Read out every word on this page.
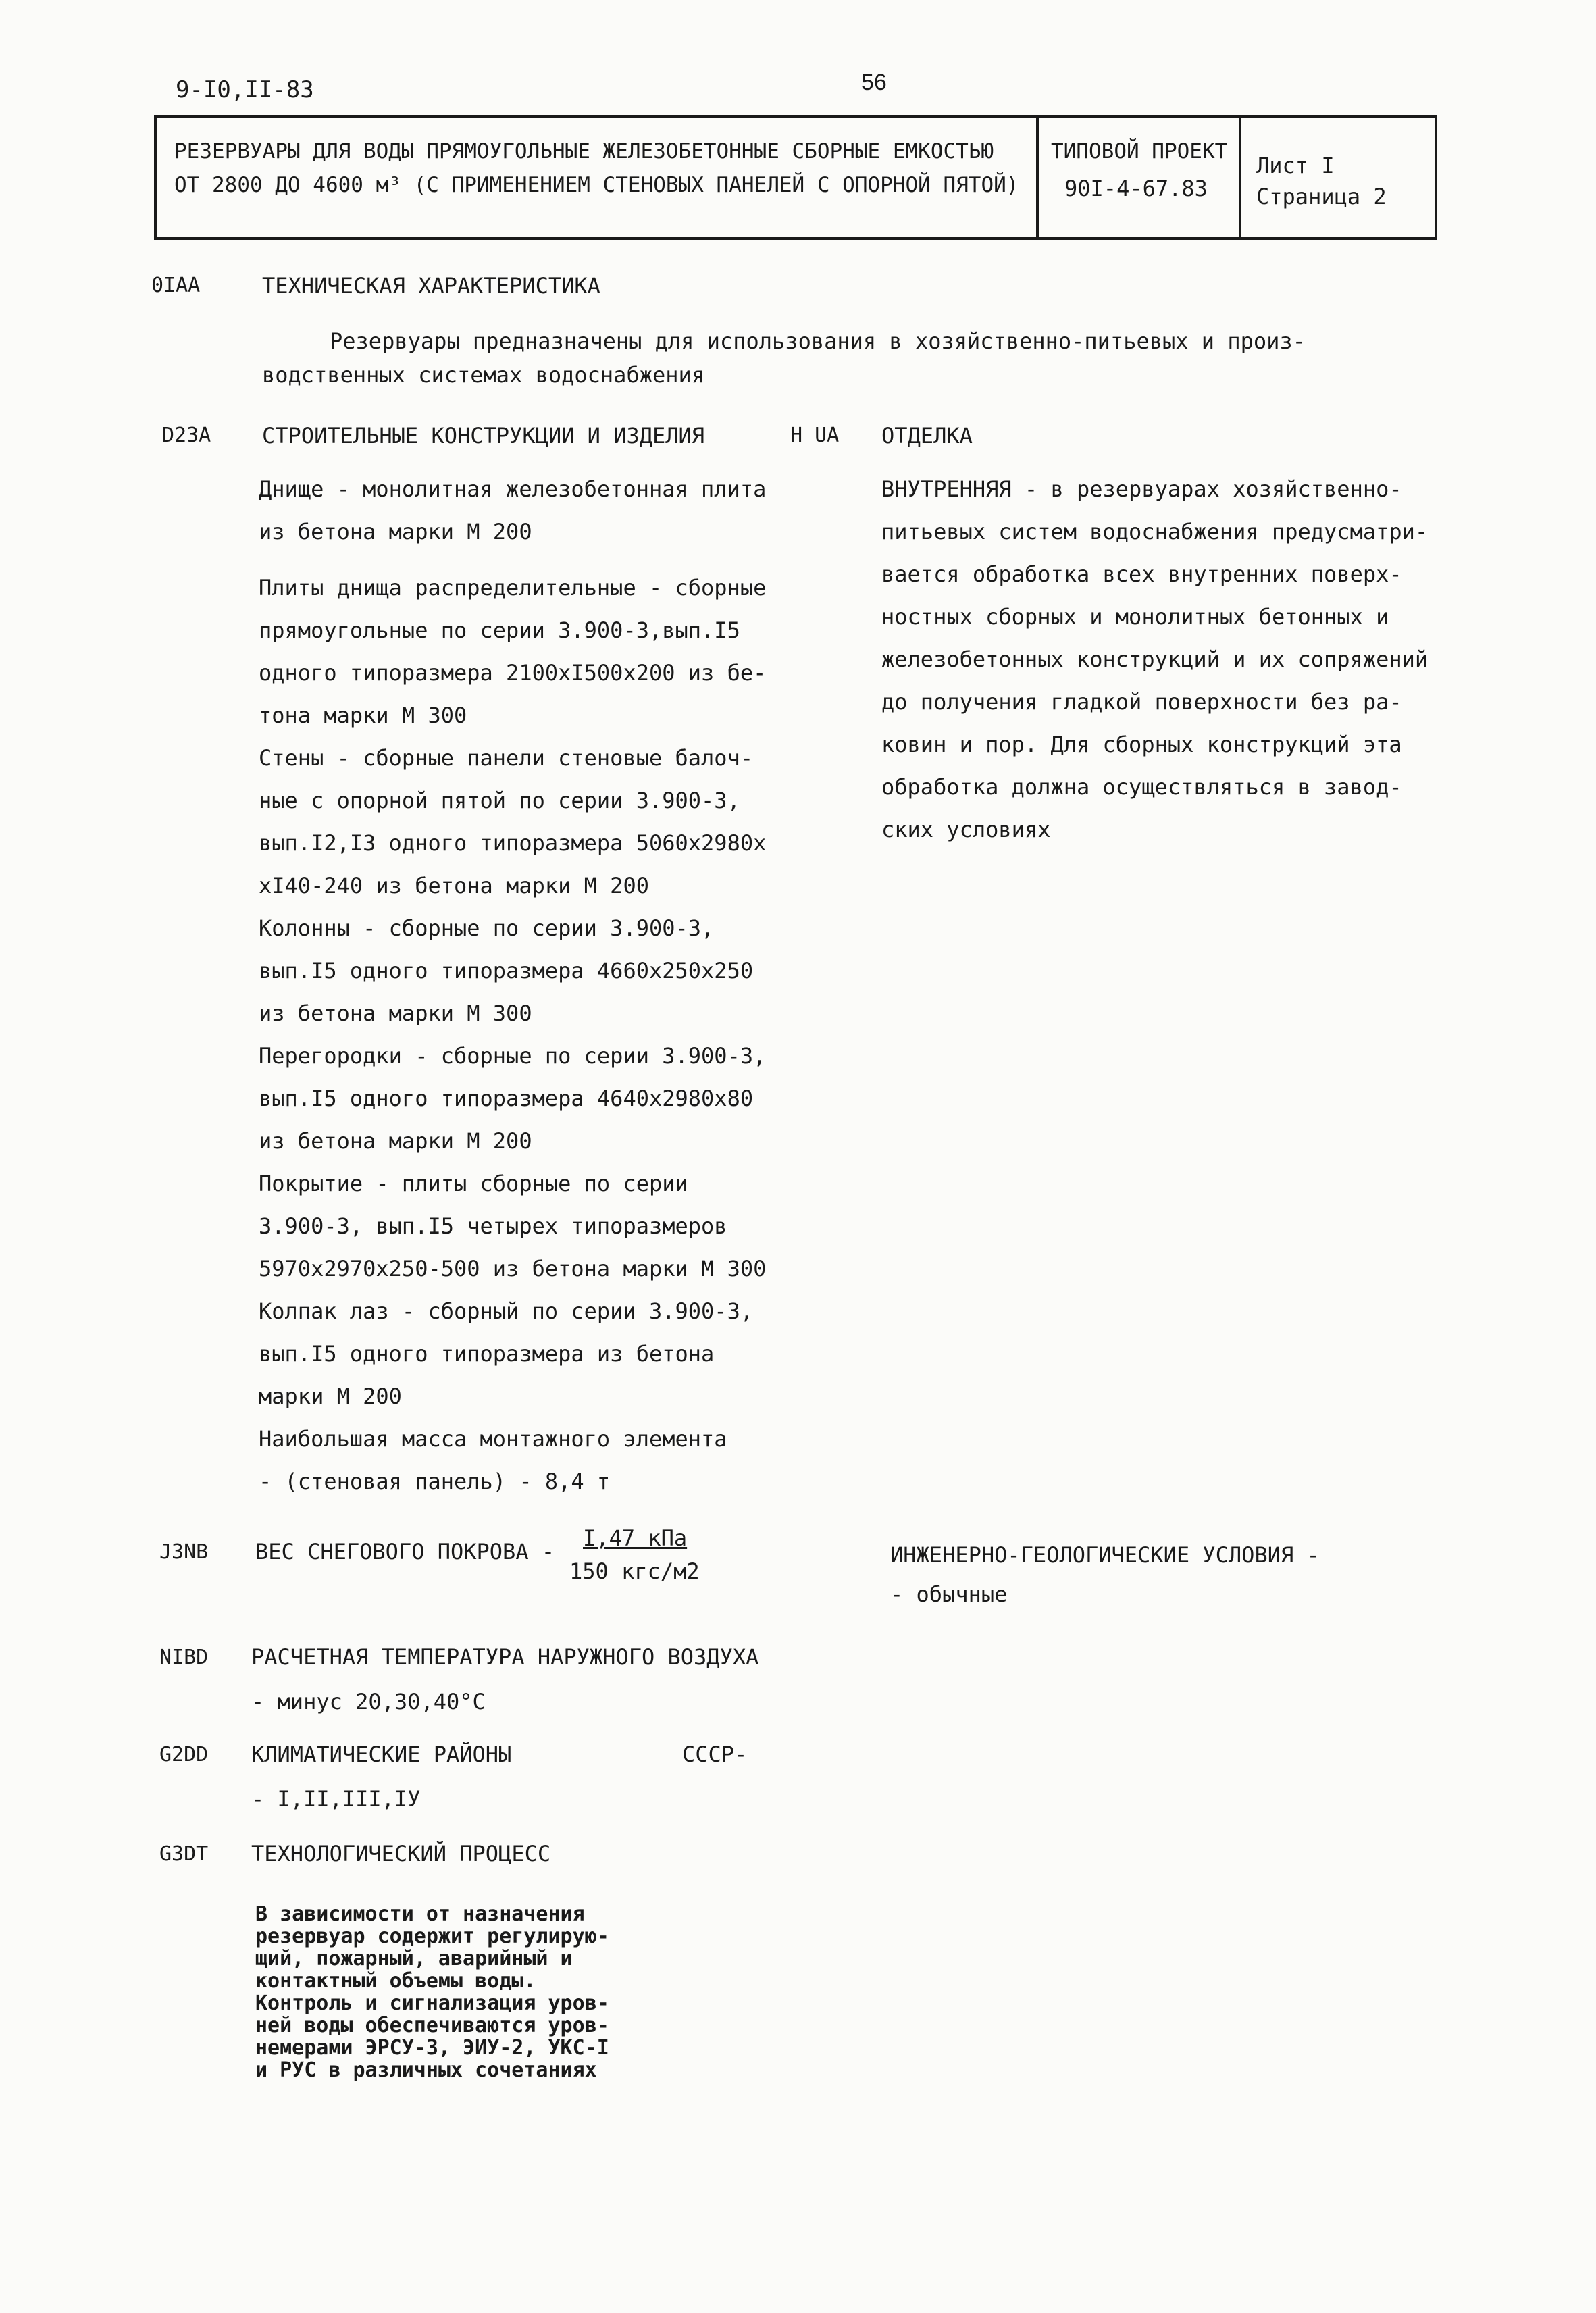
9-I0,II-83	56
РЕЗЕРВУАРЫ ДЛЯ ВОДЫ ПРЯМОУГОЛЬНЫЕ ЖЕЛЕЗОБЕТОННЫЕ СБОРНЫЕ ЕМКОСТЬЮ
ОТ 2800 ДО 4600 м³ (С ПРИМЕНЕНИЕМ СТЕНОВЫХ ПАНЕЛЕЙ С ОПОРНОЙ ПЯТОЙ)
ТИПОВОЙ ПРОЕКТ
90I-4-67.83
Лист I
Страница 2
0IАА	ТЕХНИЧЕСКАЯ ХАРАКТЕРИСТИКА
Резервуары предназначены для использования в хозяйственно-питьевых и произ-
водственных системах водоснабжения
D23А СТРОИТЕЛЬНЫЕ КОНСТРУКЦИИ И ИЗДЕЛИЯ
Днище - монолитная железобетонная плита
из бетона марки М 200
Плиты днища распределительные - сборные
прямоугольные по серии 3.900-3,вып.I5
одного типоразмера 2100хI500х200 из бе-
тона марки М 300
Стены - сборные панели стеновые балоч-
ные с опорной пятой по серии 3.900-3,
вып.I2,I3 одного типоразмера 5060х2980х
хI40-240 из бетона марки М 200
Колонны - сборные по серии 3.900-3,
вып.I5 одного типоразмера 4660х250х250
из бетона марки М 300
Перегородки - сборные по серии 3.900-3,
вып.I5 одного типоразмера 4640х2980х80
из бетона марки М 200
Покрытие - плиты сборные по серии
3.900-3, вып.I5 четырех типоразмеров
5970х2970х250-500 из бетона марки М 300
Колпак лаз - сборный по серии 3.900-3,
вып.I5 одного типоразмера из бетона
марки М 200
Наибольшая масса монтажного элемента
- (стеновая панель) - 8,4 т
Н UА ОТДЕЛКА
ВНУТРЕННЯЯ - в резервуарах хозяйственно-
питьевых систем водоснабжения предусматри-
вается обработка всех внутренних поверх-
ностных сборных и монолитных бетонных и
железобетонных конструкций и их сопряжений
до получения гладкой поверхности без ра-
ковин и пор. Для сборных конструкций эта
обработка должна осуществляться в завод-
ских условиях
J3NВ ВЕС СНЕГОВОГО ПОКРОВА -
I,47 кПа
150 кгс/м2
ИНЖЕНЕРНО-ГЕОЛОГИЧЕСКИЕ УСЛОВИЯ -
- обычные
NIВD РАСЧЕТНАЯ ТЕМПЕРАТУРА НАРУЖНОГО ВОЗДУХА
- минус 20,30,40°С
G2DD КЛИМАТИЧЕСКИЕ РАЙОНЫ	СССР-
- I,II,III,IУ
G3DТ ТЕХНОЛОГИЧЕСКИЙ ПРОЦЕСС
В зависимости от назначения
резервуар содержит регулирую-
щий, пожарный, аварийный и
контактный объемы воды.
Контроль и сигнализация уров-
ней воды обеспечиваются уров-
немерами ЭРСУ-3, ЭИУ-2, УКС-I
и РУС в различных сочетаниях
